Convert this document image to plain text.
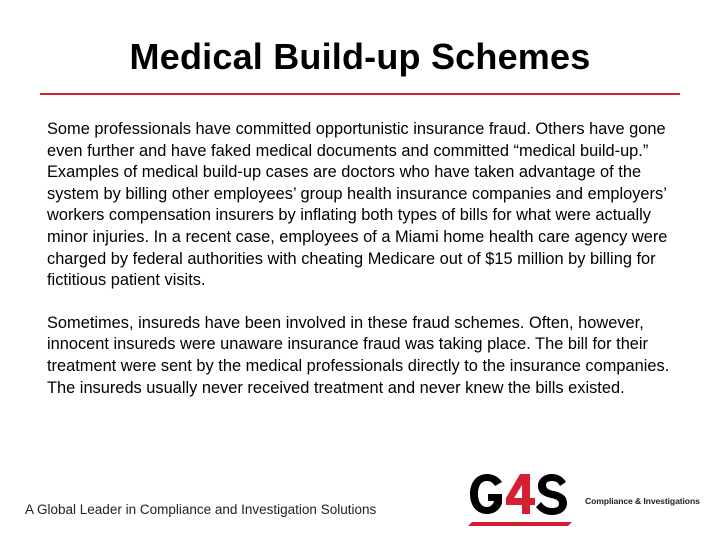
Medical Build-up Schemes

Some professionals have committed opportunistic insurance fraud. Others have gone even further and have faked medical documents and committed “medical build-up.” Examples of medical build-up cases are doctors who have taken advantage of the system by billing other employees’ group health insurance companies and employers’ workers compensation insurers by inflating both types of bills for what were actually minor injuries. In a recent case, employees of a Miami home health care agency were charged by federal authorities with cheating Medicare out of $15 million by billing for fictitious patient visits.

Sometimes, insureds have been involved in these fraud schemes. Often, however, innocent insureds were unaware insurance fraud was taking place. The bill for their treatment were sent by the medical professionals directly to the insurance companies. The insureds usually never received treatment and never knew the bills existed.

A Global Leader in Compliance and Investigation Solutions
Compliance & Investigations
